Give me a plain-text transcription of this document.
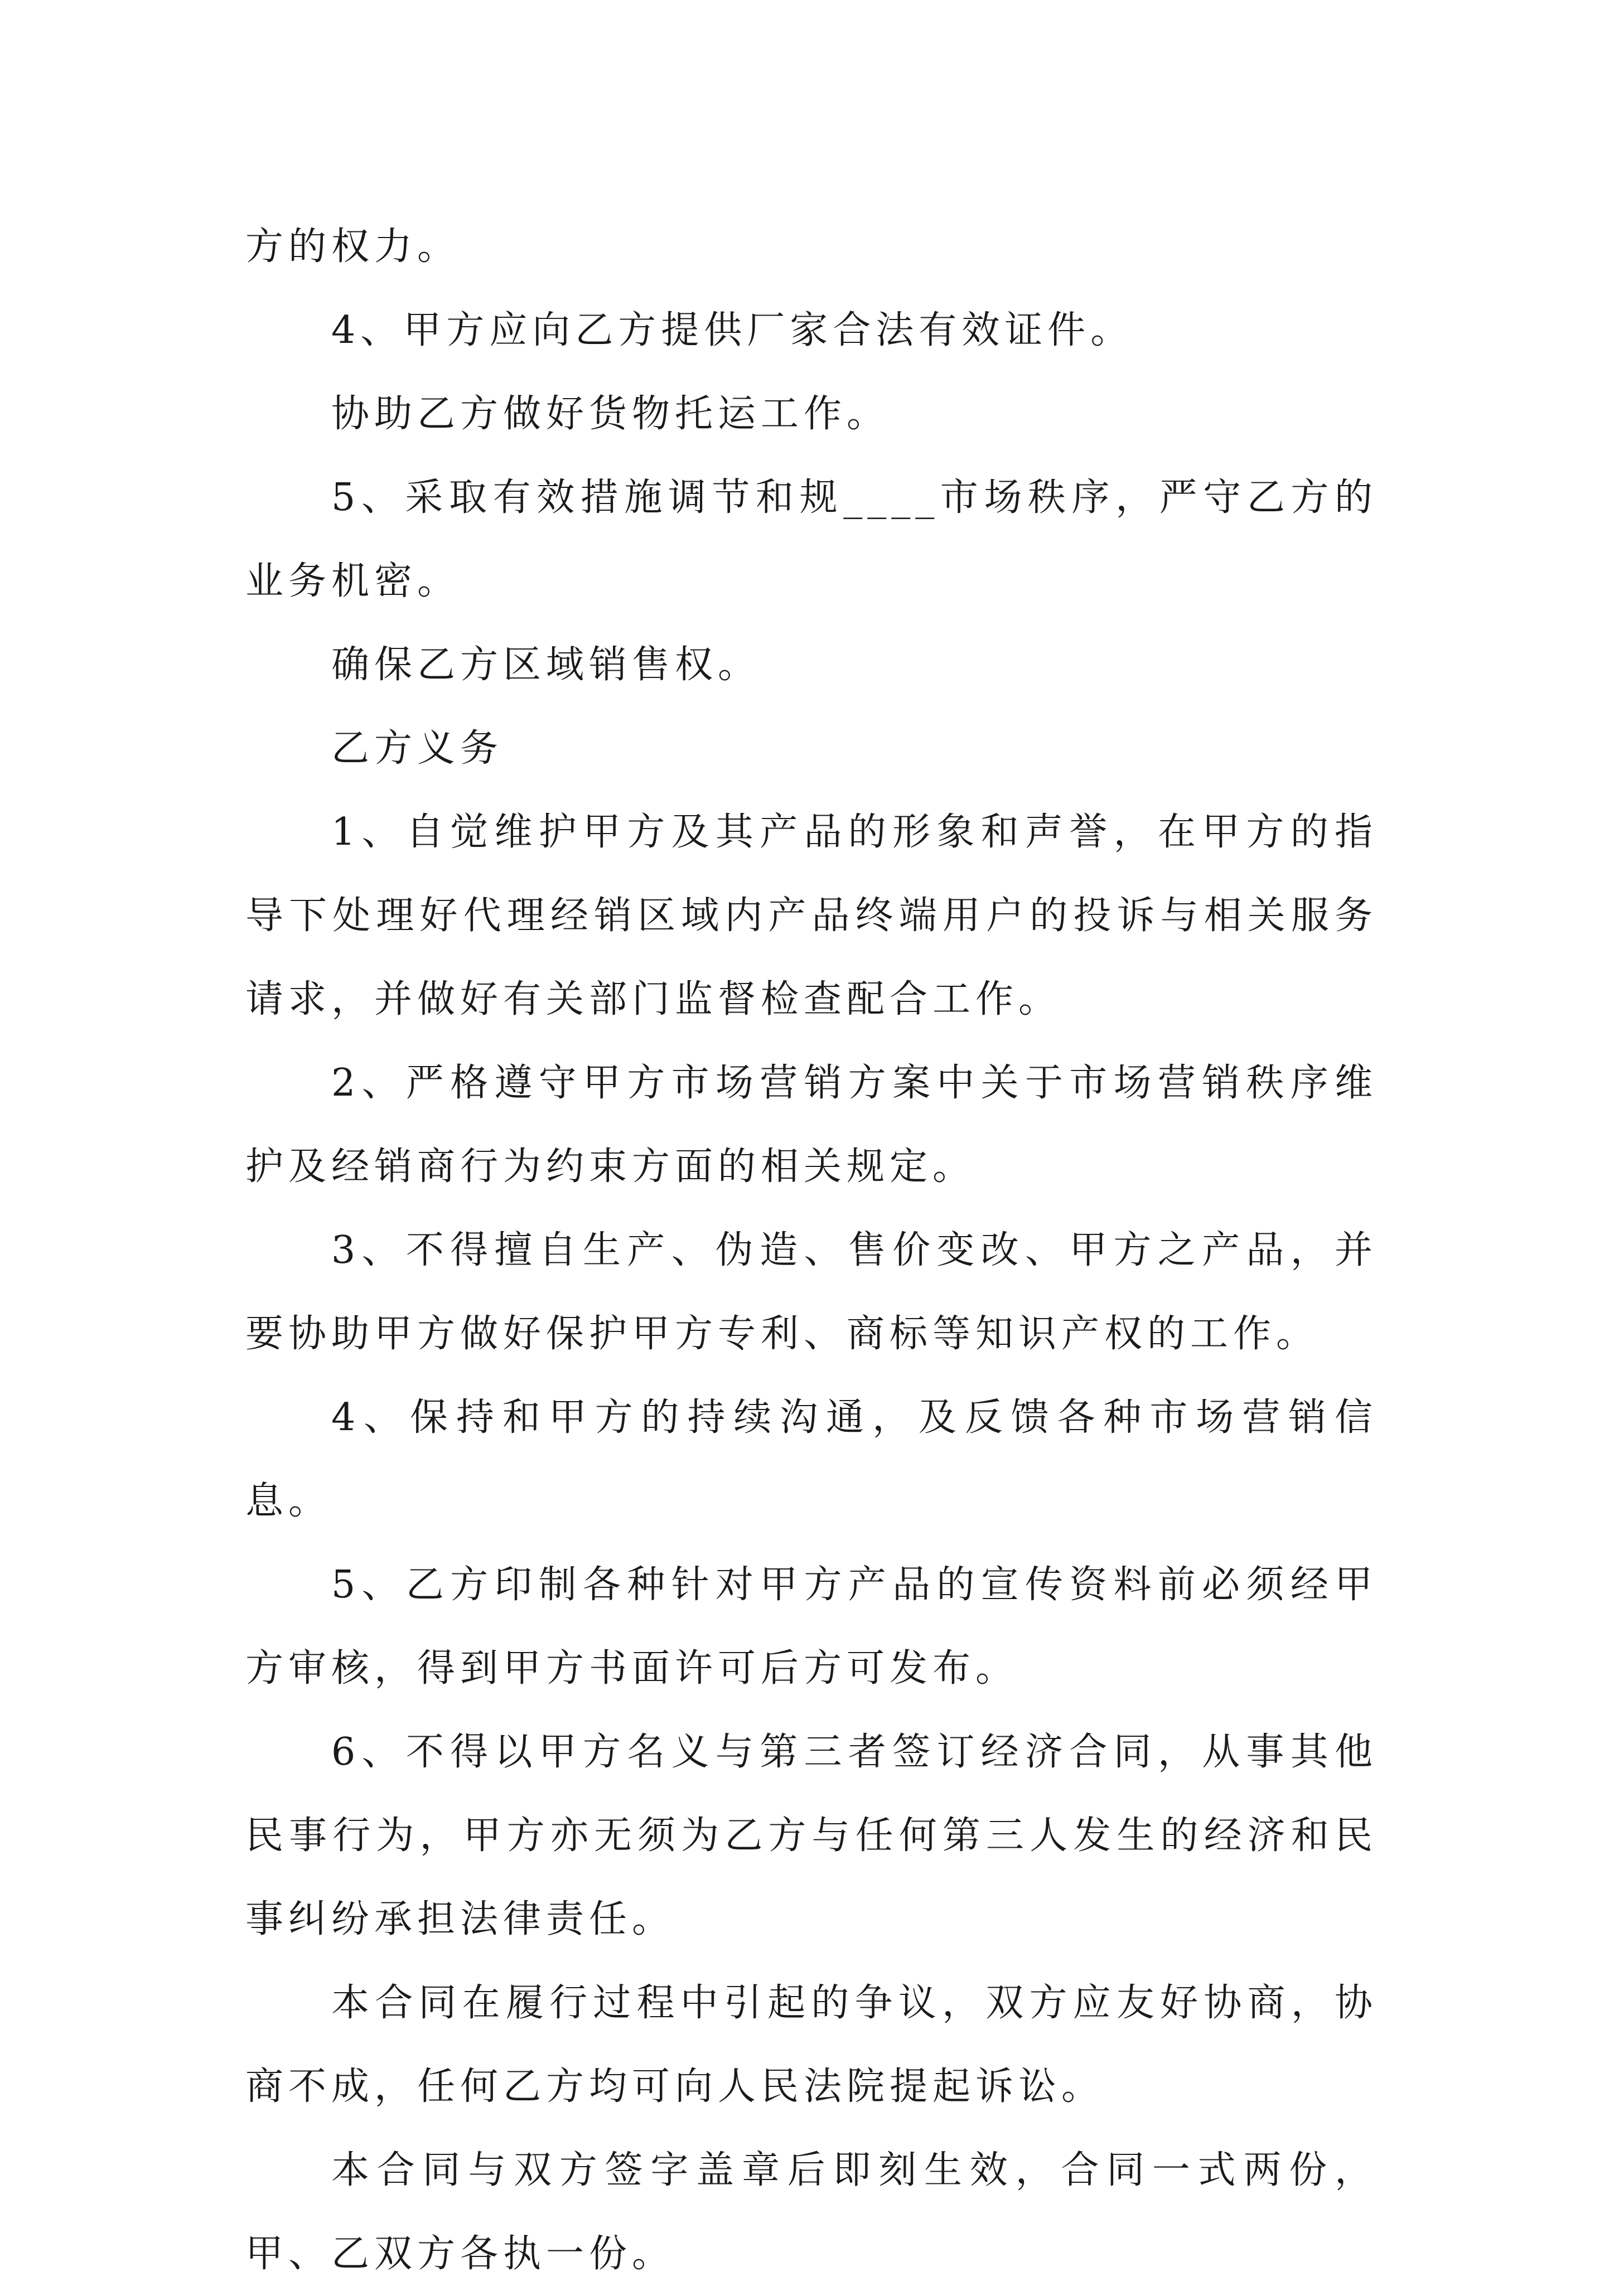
方的权力。

4、甲方应向乙方提供厂家合法有效证件。

协助乙方做好货物托运工作。

5、采取有效措施调节和规____市场秩序，严守乙方的业务机密。

确保乙方区域销售权。

乙方义务

1、自觉维护甲方及其产品的形象和声誉，在甲方的指导下处理好代理经销区域内产品终端用户的投诉与相关服务请求，并做好有关部门监督检查配合工作。

2、严格遵守甲方市场营销方案中关于市场营销秩序维护及经销商行为约束方面的相关规定。

3、不得擅自生产、伪造、售价变改、甲方之产品，并要协助甲方做好保护甲方专利、商标等知识产权的工作。

4、保持和甲方的持续沟通，及反馈各种市场营销信息。

5、乙方印制各种针对甲方产品的宣传资料前必须经甲方审核，得到甲方书面许可后方可发布。

6、不得以甲方名义与第三者签订经济合同，从事其他民事行为，甲方亦无须为乙方与任何第三人发生的经济和民事纠纷承担法律责任。

本合同在履行过程中引起的争议，双方应友好协商，协商不成，任何乙方均可向人民法院提起诉讼。

本合同与双方签字盖章后即刻生效，合同一式两份，甲、乙双方各执一份。
